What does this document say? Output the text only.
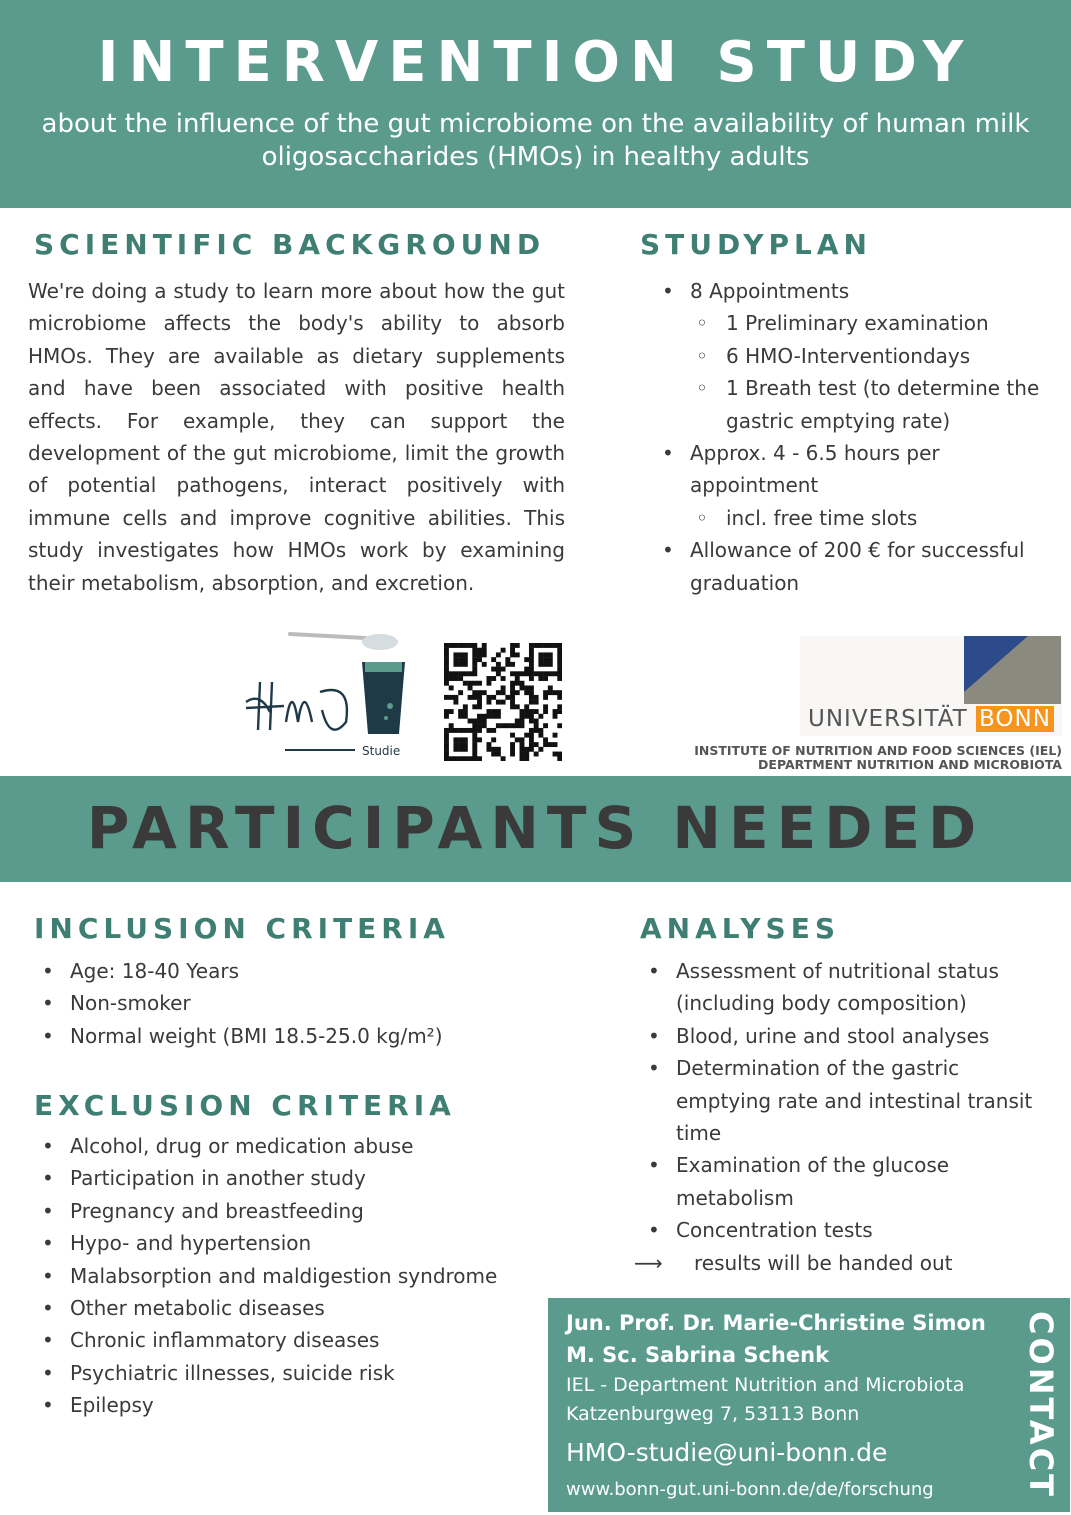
INTERVENTION STUDY
about the influence of the gut microbiome on the availability of human milk oligosaccharides (HMOs) in healthy adults
SCIENTIFIC BACKGROUND

We're doing a study to learn more about how the gut microbiome affects the body's ability to absorb HMOs. They are available as dietary supplements and have been associated with positive health effects. For example, they can support the development of the gut microbiome, limit the growth of potential pathogens, interact positively with immune cells and improve cognitive abilities. This study investigates how HMOs work by examining their metabolism, absorption, and excretion.

STUDYPLAN
• 8 Appointments
◦ 1 Preliminary examination
◦ 6 HMO-Interventiondays
◦ 1 Breath test (to determine the gastric emptying rate)
• Approx. 4 - 6.5 hours per appointment
◦ incl. free time slots
• Allowance of 200 € for successful graduation
Studie
UNIVERSITÄT BONN
INSTITUTE OF NUTRITION AND FOOD SCIENCES (IEL)
DEPARTMENT NUTRITION AND MICROBIOTA
PARTICIPANTS NEEDED
INCLUSION CRITERIA
• Age: 18-40 Years
• Non-smoker
• Normal weight (BMI 18.5-25.0 kg/m²)
EXCLUSION CRITERIA
• Alcohol, drug or medication abuse
• Participation in another study
• Pregnancy and breastfeeding
• Hypo- and hypertension
• Malabsorption and maldigestion syndrome
• Other metabolic diseases
• Chronic inflammatory diseases
• Psychiatric illnesses, suicide risk
• Epilepsy
ANALYSES
• Assessment of nutritional status (including body composition)
• Blood, urine and stool analyses
• Determination of the gastric emptying rate and intestinal transit time
• Examination of the glucose metabolism
• Concentration tests
⟶ results will be handed out
Jun. Prof. Dr. Marie-Christine Simon
M. Sc. Sabrina Schenk
IEL - Department Nutrition and Microbiota
Katzenburgweg 7, 53113 Bonn
HMO-studie@uni-bonn.de
www.bonn-gut.uni-bonn.de/de/forschung	CONTACT
